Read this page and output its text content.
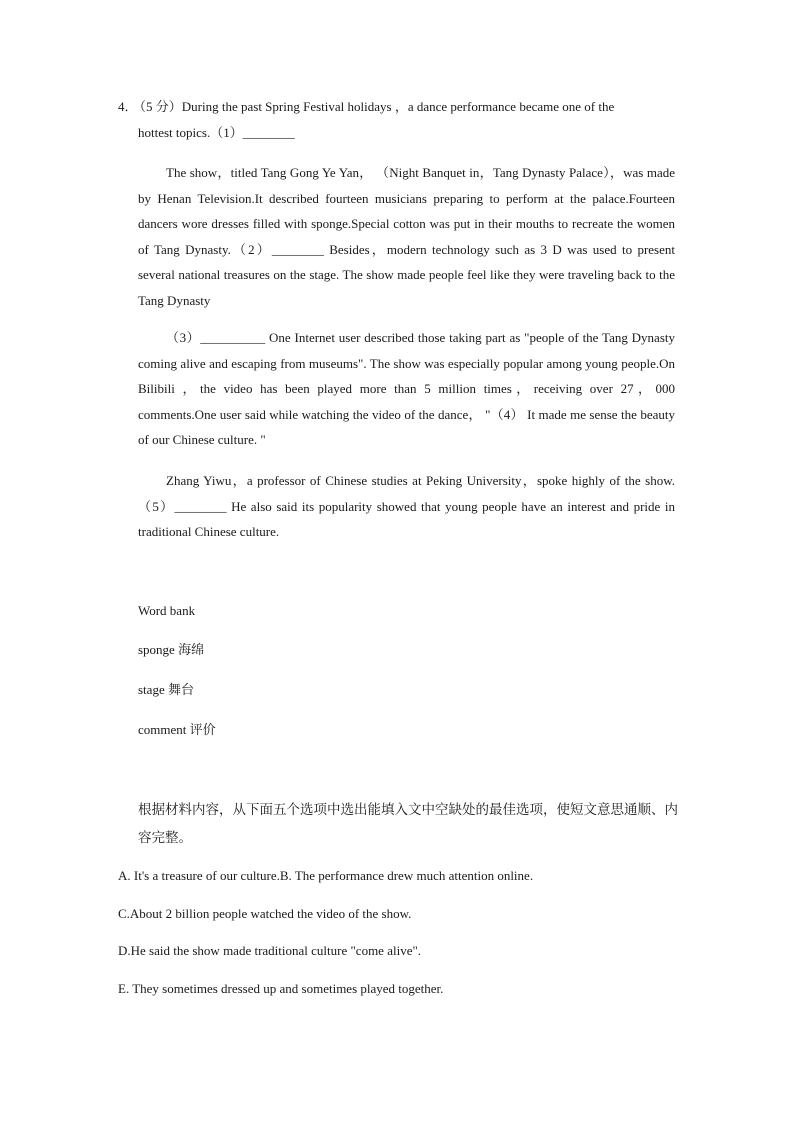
4． （5 分）During the past Spring Festival holidays ，a dance performance became one of the
hottest topics.（1）________
The show，titled Tang Gong Ye Yan， （Night Banquet in，Tang Dynasty Palace），was made by Henan Television.It described fourteen musicians preparing to perform at the palace.Fourteen dancers wore dresses filled with sponge.Special cotton was put in their mouths to recreate the women of Tang Dynasty.（2）________ Besides，modern technology such as 3 D was used to present several national treasures on the stage. The show made people feel like they were traveling back to the Tang Dynasty
（3）__________ One Internet user described those taking part as "people of the Tang Dynasty coming alive and escaping from museums". The show was especially popular among young people.On Bilibili ，the video has been played more than 5 million times，receiving over 27，000 comments.One user said while watching the video of the dance， "（4） It made me sense the beauty of our Chinese culture. "
Zhang Yiwu，a professor of Chinese studies at Peking University，spoke highly of the show.（5）________ He also said its popularity showed that young people have an interest and pride in traditional Chinese culture.
Word bank
sponge 海绵
stage 舞台
comment 评价
根据材料内容，从下面五个选项中选出能填入文中空缺处的最佳选项，使短文意思通顺、内容完整。
A. It's a treasure of our culture.B. The performance drew much attention online.
C.About 2 billion people watched the video of the show.
D.He said the show made traditional culture "come alive".
E. They sometimes dressed up and sometimes played together.
